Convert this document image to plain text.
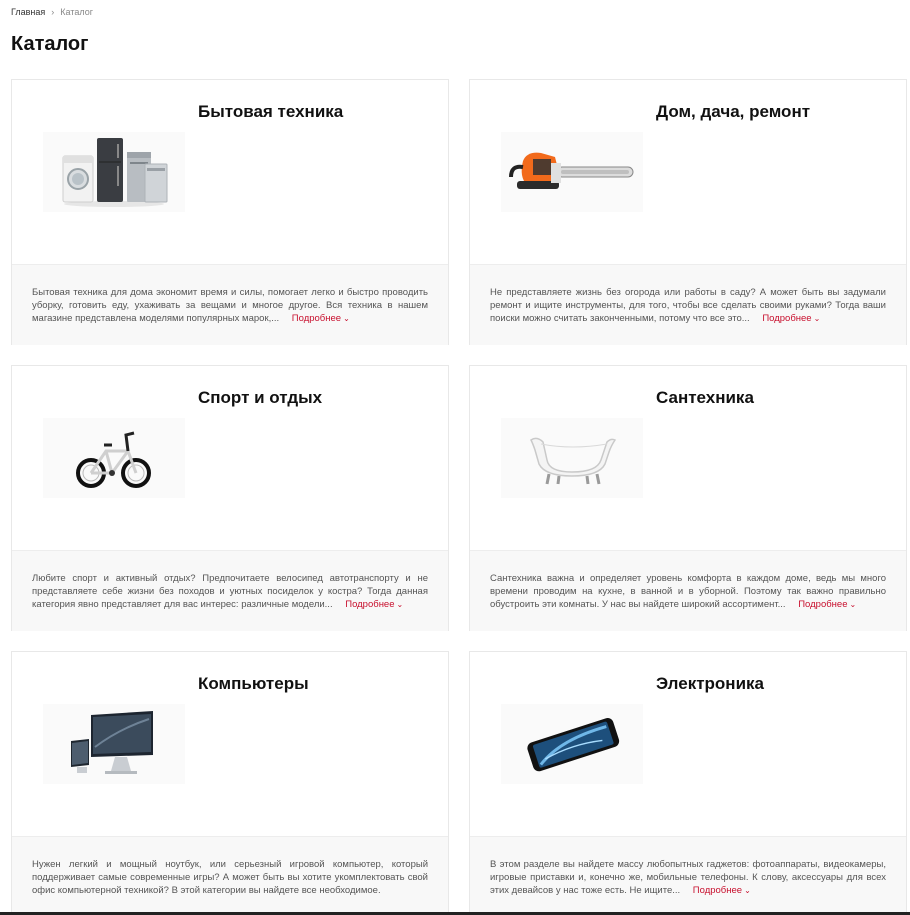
Главная › Каталог
Каталог
Бытовая техника

Бытовая техника для дома экономит время и силы, помогает легко и быстро проводить уборку, готовить еду, ухаживать за вещами и многое другое. Вся техника в нашем магазине представлена моделями популярных марок,... Подробнее ⌄

Дом, дача, ремонт

Не представляете жизнь без огорода или работы в саду? А может быть вы задумали ремонт и ищите инструменты, для того, чтобы все сделать своими руками? Тогда ваши поиски можно считать законченными, потому что все это... Подробнее ⌄

Спорт и отдых

Любите спорт и активный отдых? Предпочитаете велосипед автотранспорту и не представляете себе жизни без походов и уютных посиделок у костра? Тогда данная категория явно представляет для вас интерес: различные модели... Подробнее ⌄

Сантехника

Сантехника важна и определяет уровень комфорта в каждом доме, ведь мы много времени проводим на кухне, в ванной и в уборной. Поэтому так важно правильно обустроить эти комнаты. У нас вы найдете широкий ассортимент... Подробнее ⌄

Компьютеры

Нужен легкий и мощный ноутбук, или серьезный игровой компьютер, который поддерживает самые современные игры? А может быть вы хотите укомплектовать свой офис компьютерной техникой? В этой категории вы найдете все необходимое.

Электроника

В этом разделе вы найдете массу любопытных гаджетов: фотоаппараты, видеокамеры, игровые приставки и, конечно же, мобильные телефоны. К слову, аксессуары для всех этих девайсов у нас тоже есть. Не ищите... Подробнее ⌄
